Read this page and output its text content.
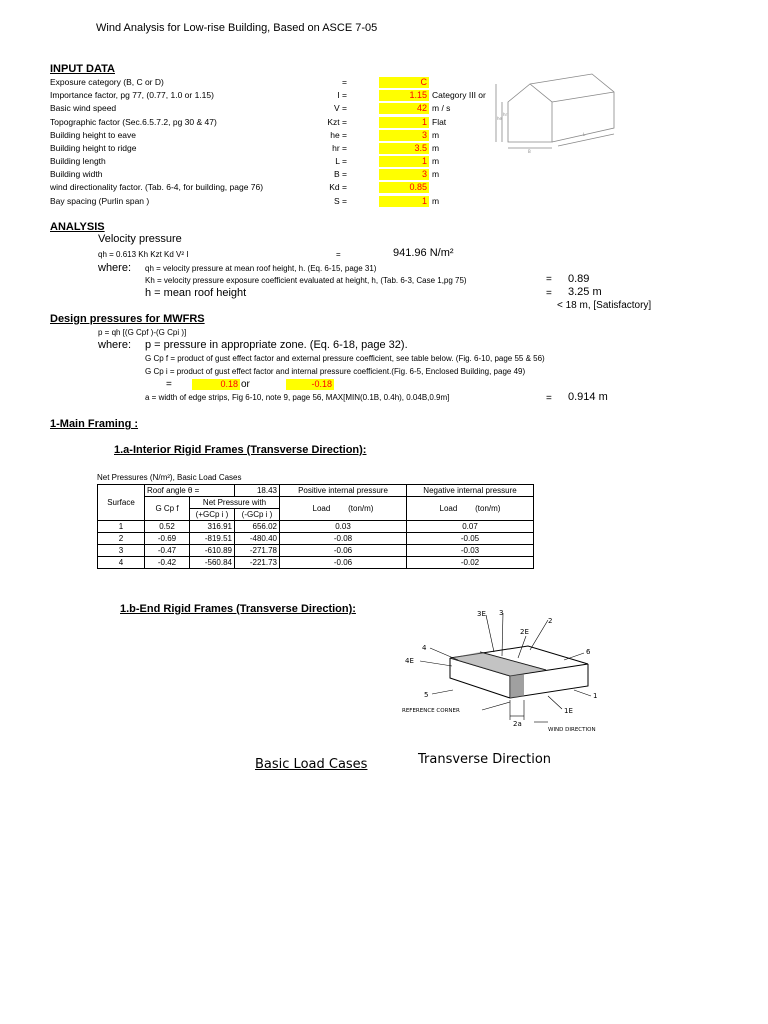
Wind Analysis for Low-rise Building, Based on ASCE 7-05
INPUT DATA
Exposure category (B, C or D)	=	C
Importance factor, pg 77, (0.77, 1.0 or 1.15)	I =	1.15 Category III or
Basic wind speed	V =	42 m / s
Topographic factor (Sec.6.5.7.2, pg 30 & 47)	Kzt =	1 Flat
Building height to eave	he =	3 m
Building height to ridge	hr =	3.5 m
Building length	L =	1 m
Building width	B =	3 m
wind directionality factor. (Tab. 6-4, for building, page 76)	Kd =	0.85
Bay spacing (Purlin span )	S =	1 m
hr
he
B
L
ANALYSIS
Velocity pressure
qh = 0.613 Kh Kzt Kd V² I	=	941.96 N/m²
where: qh = velocity pressure at mean roof height, h. (Eq. 6-15, page 31)
Kh = velocity pressure exposure coefficient evaluated at height, h, (Tab. 6-3, Case 1,pg 75)	= 0.89
h = mean roof height	= 3.25 m
< 18 m, [Satisfactory]
Design pressures for MWFRS
p = qh [(G Cpf )-(G Cpi )]
where: p = pressure in appropriate zone. (Eq. 6-18, page 32).
G Cp f = product of gust effect factor and external pressure coefficient, see table below. (Fig. 6-10, page 55 & 56)
G Cp i = product of gust effect factor and internal pressure coefficient.(Fig. 6-5, Enclosed Building, page 49)
=	0.18 or	-0.18
a = width of edge strips, Fig 6-10, note 9, page 56, MAX[MIN(0.1B, 0.4h), 0.04B,0.9m]	= 0.914 m
1-Main Framing :
1.a-Interior Rigid Frames (Transverse Direction):
Net Pressures (N/m²), Basic Load Cases
Surface	Roof angle θ =		18.43	Positive internal pressure	Negative internal pressure
	G Cp f	Net Pressure with		Load (ton/m)	Load (ton/m)
		(+GCp i )	(-GCp i )		
1	0.52	316.91	656.02	0.03	0.07
2	-0.69	-819.51	-480.40	-0.08	-0.05
3	-0.47	-610.89	-271.78	-0.06	-0.03
4	-0.42	-560.84	-221.73	-0.06	-0.02
1.b-End Rigid Frames (Transverse Direction):	3E 3
2
2E
4	6
4E
5	1
1E
2a
REFERENCE CORNER
WIND DIRECTION
Basic Load Cases	Transverse Direction
